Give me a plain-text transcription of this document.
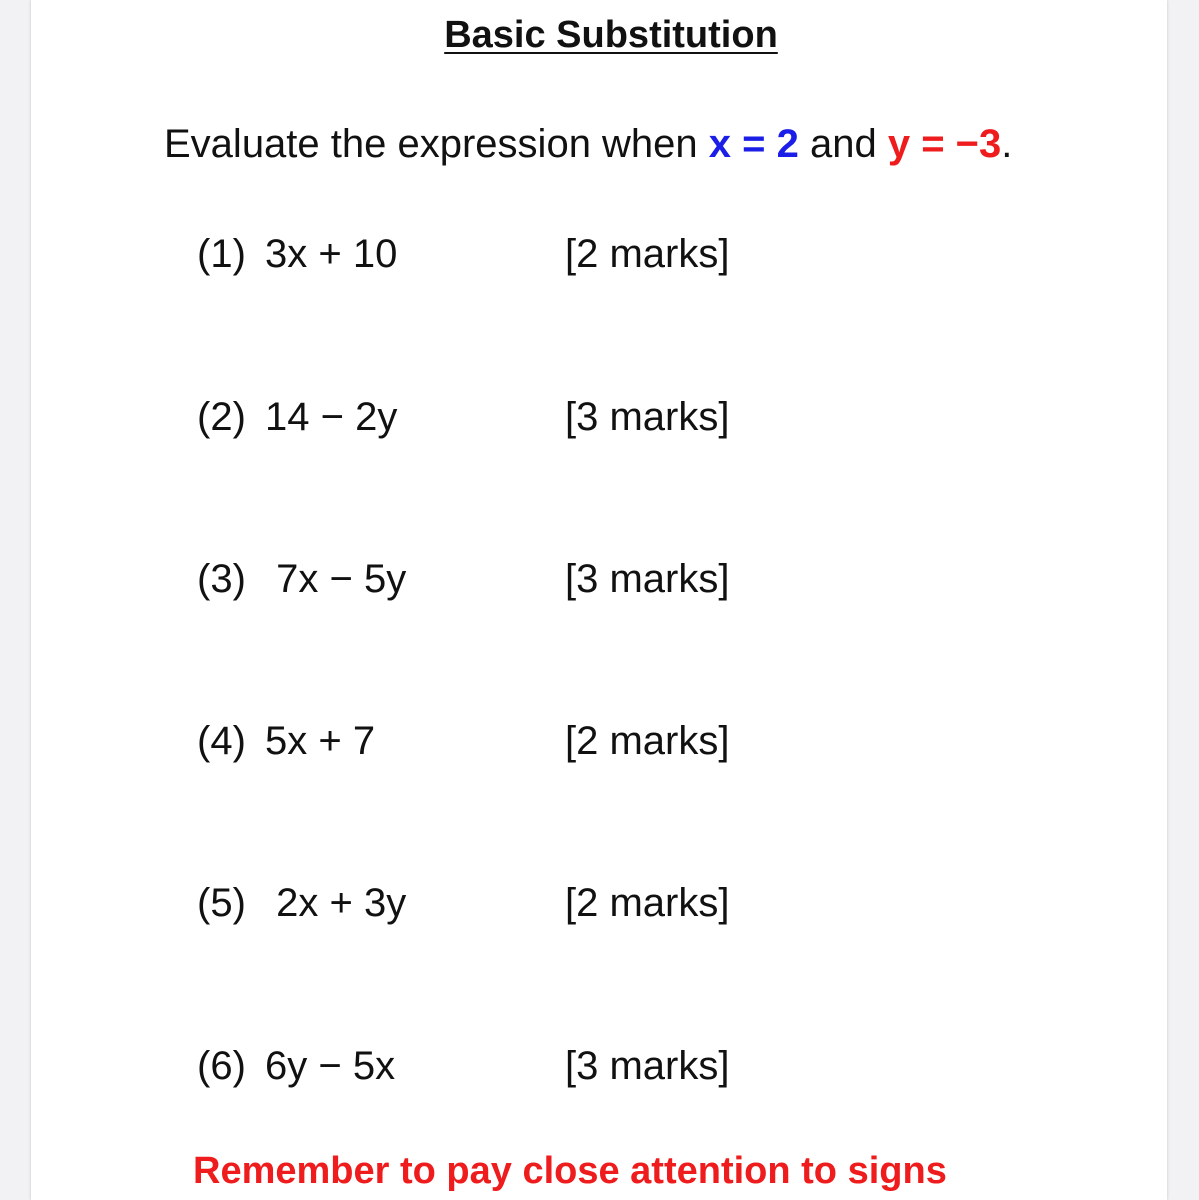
Basic Substitution
Evaluate the expression when x = 2 and y = −3.
(1) 3x + 10	[2 marks]
(2) 14 − 2y	[3 marks]
(3) 7x − 5y	[3 marks]
(4) 5x + 7	[2 marks]
(5) 2x + 3y	[2 marks]
(6) 6y − 5x	[3 marks]
Remember to pay close attention to signs
